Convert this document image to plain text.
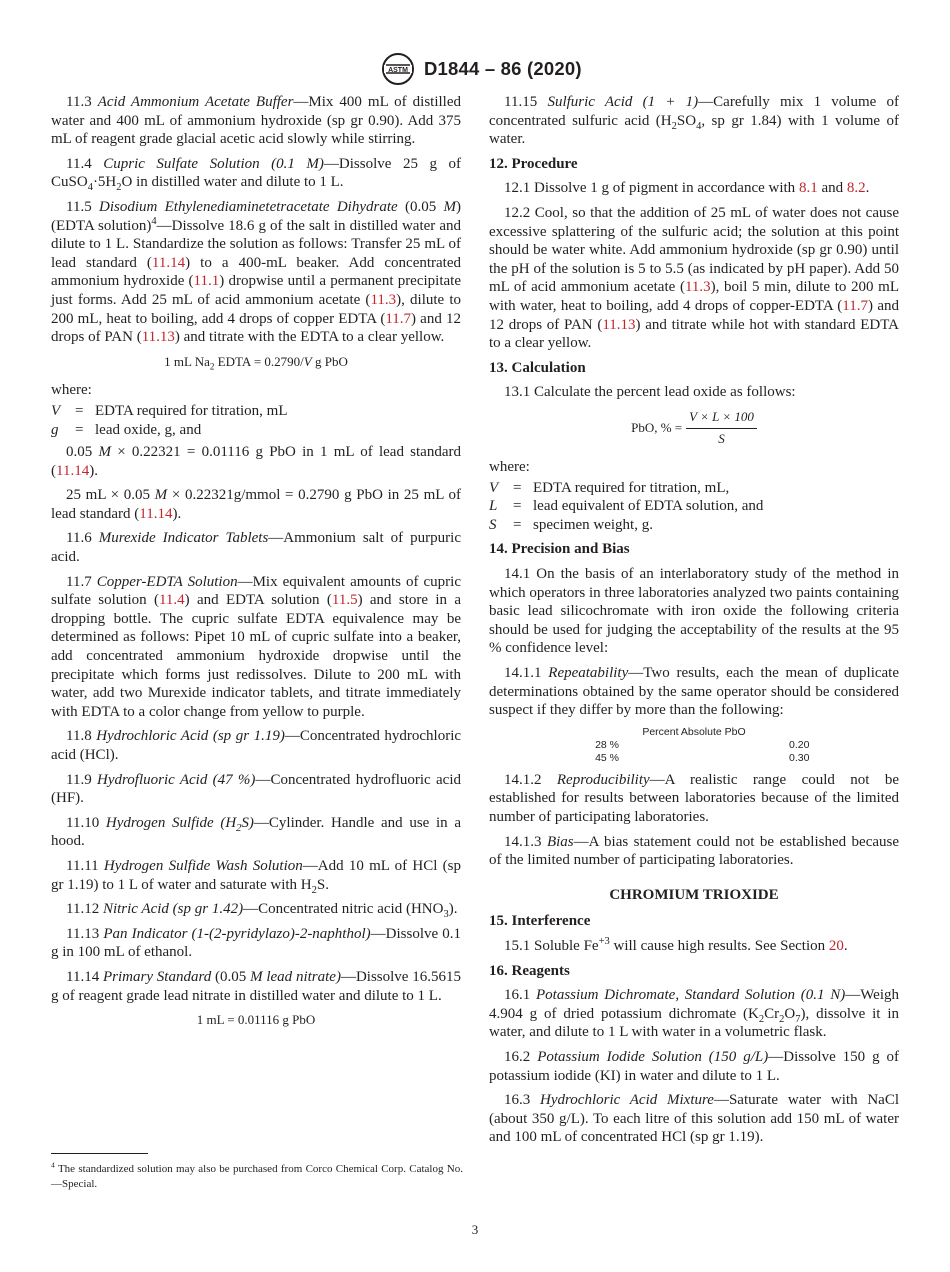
ASTM D1844 – 86 (2020)

11.3 Acid Ammonium Acetate Buffer—Mix 400 mL of distilled water and 400 mL of ammonium hydroxide (sp gr 0.90). Add 375 mL of reagent grade glacial acetic acid slowly while stirring.

11.4 Cupric Sulfate Solution (0.1 M)—Dissolve 25 g of $CuSO_4\cdot 5H_2O$ in distilled water and dilute to 1 L.

11.5 Disodium Ethylenediaminetetracetate Dihydrate (0.05 M) (EDTA solution)$^4$—Dissolve 18.6 g of the salt in distilled water and dilute to 1 L. Standardize the solution as follows: Transfer 25 mL of lead standard (11.14) to a 400-mL beaker. Add concentrated ammonium hydroxide (11.1) dropwise until a permanent precipitate just forms. Add 25 mL of acid ammonium acetate (11.3), dilute to 200 mL, heat to boiling, add 4 drops of copper EDTA (11.7) and 12 drops of PAN (11.13) and titrate with the EDTA to a clear yellow.

1 mL $Na_2$ EDTA = 0.2790/V g PbO
where:
V = EDTA required for titration, mL
g	= lead oxide, g, and

0.05 M × 0.22321 = 0.01116 g PbO in 1 mL of lead standard (11.14).

25 mL × 0.05 M × 0.22321g/mmol = 0.2790 g PbO in 25 mL of lead standard (11.14).

11.6 Murexide Indicator Tablets—Ammonium salt of purpuric acid.

11.7 Copper-EDTA Solution—Mix equivalent amounts of cupric sulfate solution (11.4) and EDTA solution (11.5) and store in a dropping bottle. The cupric sulfate EDTA equivalence may be determined as follows: Pipet 10 mL of cupric sulfate into a beaker, add concentrated ammonium hydroxide dropwise until the precipitate which forms just redissolves. Dilute to 200 mL with water, add two Murexide indicator tablets, and titrate immediately with EDTA to a color change from yellow to purple.

11.8 Hydrochloric Acid (sp gr 1.19)—Concentrated hydrochloric acid (HCl).

11.9 Hydrofluoric Acid (47 %)—Concentrated hydrofluoric acid (HF).

11.10 Hydrogen Sulfide $(H_2S)—Cylinder$. Handle and use in a hood.

11.11 Hydrogen Sulfide Wash Solution—Add 10 mL of HCl (sp gr 1.19) to 1 L of water and saturate with $H_2S$.

11.12 Nitric Acid (sp gr 1.42)—Concentrated nitric acid $(HNO_3)$.

11.13 Pan Indicator (1-(2-pyridylazo)-2-naphthol)—Dissolve 0.1 g in 100 mL of ethanol.

11.14 Primary Standard (0.05 M lead nitrate)—Dissolve 16.5615 g of reagent grade lead nitrate in distilled water and dilute to 1 L.

1 mL = 0.01116 g PbO
$^4$ The standardized solution may also be purchased from Corco Chemical Corp. Catalog No.—Special.

11.15 Sulfuric Acid (1 + 1)—Carefully mix 1 volume of concentrated sulfuric acid ($H_2SO_4$, sp gr 1.84) with 1 volume of water.

12. Procedure

12.1 Dissolve 1 g of pigment in accordance with 8.1 and 8.2.

12.2 Cool, so that the addition of 25 mL of water does not cause excessive splattering of the sulfuric acid; the solution at this point should be water white. Add ammonium hydroxide (sp gr 0.90) until the pH of the solution is 5 to 5.5 (as indicated by pH paper). Add 50 mL of acid ammonium acetate (11.3), boil 5 min, dilute to 200 mL with water, heat to boiling, add 4 drops of copper-EDTA (11.7) and 12 drops of PAN (11.13) and titrate while hot with standard EDTA to a clear yellow.

13. Calculation

13.1 Calculate the percent lead oxide as follows:

PbO, % = $\frac{V \times L \times 100}{S}$
where:
V = EDTA required for titration, mL,
L	= lead equivalent of EDTA solution, and
S	= specimen weight, g.
14. Precision and Bias

14.1 On the basis of an interlaboratory study of the method in which operators in three laboratories analyzed two paints containing basic lead silicochromate with iron oxide the following criteria should be used for judging the acceptability of the results at the 95 % confidence level:

14.1.1 Repeatability—Two results, each the mean of duplicate determinations obtained by the same operator should be considered suspect if they differ by more than the following:

Percent Absolute PbO		
28 %		0.20
45 %		0.30

14.1.2 Reproducibility—A realistic range could not be established for results between laboratories because of the limited number of participating laboratories.

14.1.3 Bias—A bias statement could not be established because of the limited number of participating laboratories.

CHROMIUM TRIOXIDE
15. Interference

15.1 Soluble $Fe^{+3}$ will cause high results. See Section 20.

16. Reagents

16.1 Potassium Dichromate, Standard Solution (0.1 N)—Weigh 4.904 g of dried potassium dichromate $(K_2Cr_2O_7)$, dissolve it in water, and dilute to 1 L with water in a volumetric flask.

16.2 Potassium Iodide Solution (150 g/L)—Dissolve 150 g of potassium iodide (KI) in water and dilute to 1 L.

16.3 Hydrochloric Acid Mixture—Saturate water with NaCl (about 350 g/L). To each litre of this solution add 150 mL of water and 100 mL of concentrated HCl (sp gr 1.19).

3
